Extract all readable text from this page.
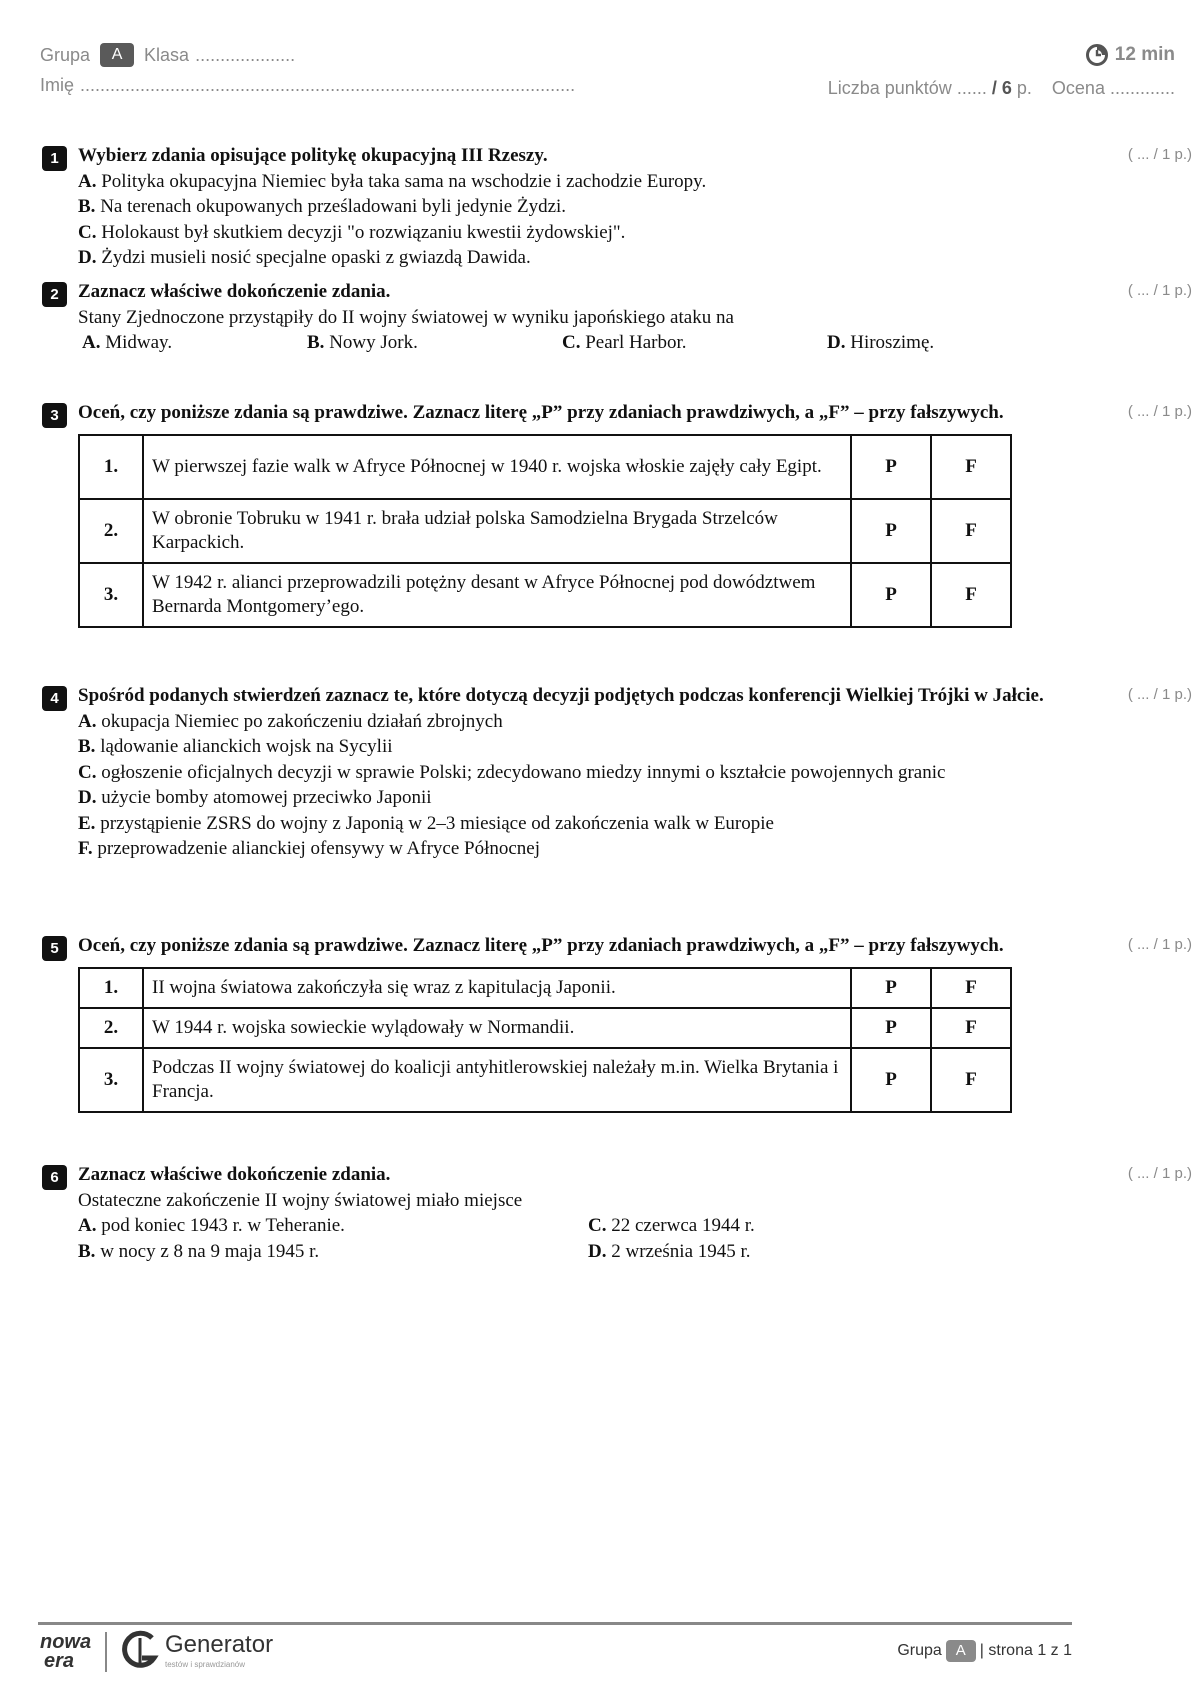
Grupa	A	Klasa ....................
Imię ...................................................................................................
12 min
Liczba punktów ...... / 6 p. Ocena .............
1	( ... / 1 p.)
Wybierz zdania opisujące politykę okupacyjną III Rzeszy.
A. Polityka okupacyjna Niemiec była taka sama na wschodzie i zachodzie Europy.
B. Na terenach okupowanych prześladowani byli jedynie Żydzi.
C. Holokaust był skutkiem decyzji "o rozwiązaniu kwestii żydowskiej".
D. Żydzi musieli nosić specjalne opaski z gwiazdą Dawida.
2	( ... / 1 p.)
Zaznacz właściwe dokończenie zdania.
Stany Zjednoczone przystąpiły do II wojny światowej w wyniku japońskiego ataku na
A. Midway.	B. Nowy Jork.	C. Pearl Harbor.	D. Hiroszimę.
3	( ... / 1 p.)
Oceń, czy poniższe zdania są prawdziwe. Zaznacz literę „P” przy zdaniach prawdziwych, a „F” – przy fałszywych.
1.	W pierwszej fazie walk w Afryce Północnej w 1940 r. wojska włoskie zajęły cały Egipt.	P	F
2.	W obronie Tobruku w 1941 r. brała udział polska Samodzielna Brygada Strzelców Karpackich.	P	F
3.	W 1942 r. alianci przeprowadzili potężny desant w Afryce Północnej pod dowództwem Bernarda Montgomery’ego.	P	F
4	( ... / 1 p.)
Spośród podanych stwierdzeń zaznacz te, które dotyczą decyzji podjętych podczas konferencji Wielkiej Trójki w Jałcie.
A. okupacja Niemiec po zakończeniu działań zbrojnych
B. lądowanie alianckich wojsk na Sycylii
C. ogłoszenie oficjalnych decyzji w sprawie Polski; zdecydowano miedzy innymi o kształcie powojennych granic
D. użycie bomby atomowej przeciwko Japonii
E. przystąpienie ZSRS do wojny z Japonią w 2–3 miesiące od zakończenia walk w Europie
F. przeprowadzenie alianckiej ofensywy w Afryce Północnej
5	( ... / 1 p.)
Oceń, czy poniższe zdania są prawdziwe. Zaznacz literę „P” przy zdaniach prawdziwych, a „F” – przy fałszywych.
1.	II wojna światowa zakończyła się wraz z kapitulacją Japonii.	P	F
2.	W 1944 r. wojska sowieckie wylądowały w Normandii.	P	F
3.	Podczas II wojny światowej do koalicji antyhitlerowskiej należały m.in. Wielka Brytania i Francja.	P	F
6	( ... / 1 p.)
Zaznacz właściwe dokończenie zdania.
Ostateczne zakończenie II wojny światowej miało miejsce
A. pod koniec 1943 r. w Teheranie.	C. 22 czerwca 1944 r.
B. w nocy z 8 na 9 maja 1945 r.	D. 2 września 1945 r.
nowa
era
Generator
testów i sprawdzianów
Grupa A | strona 1 z 1
